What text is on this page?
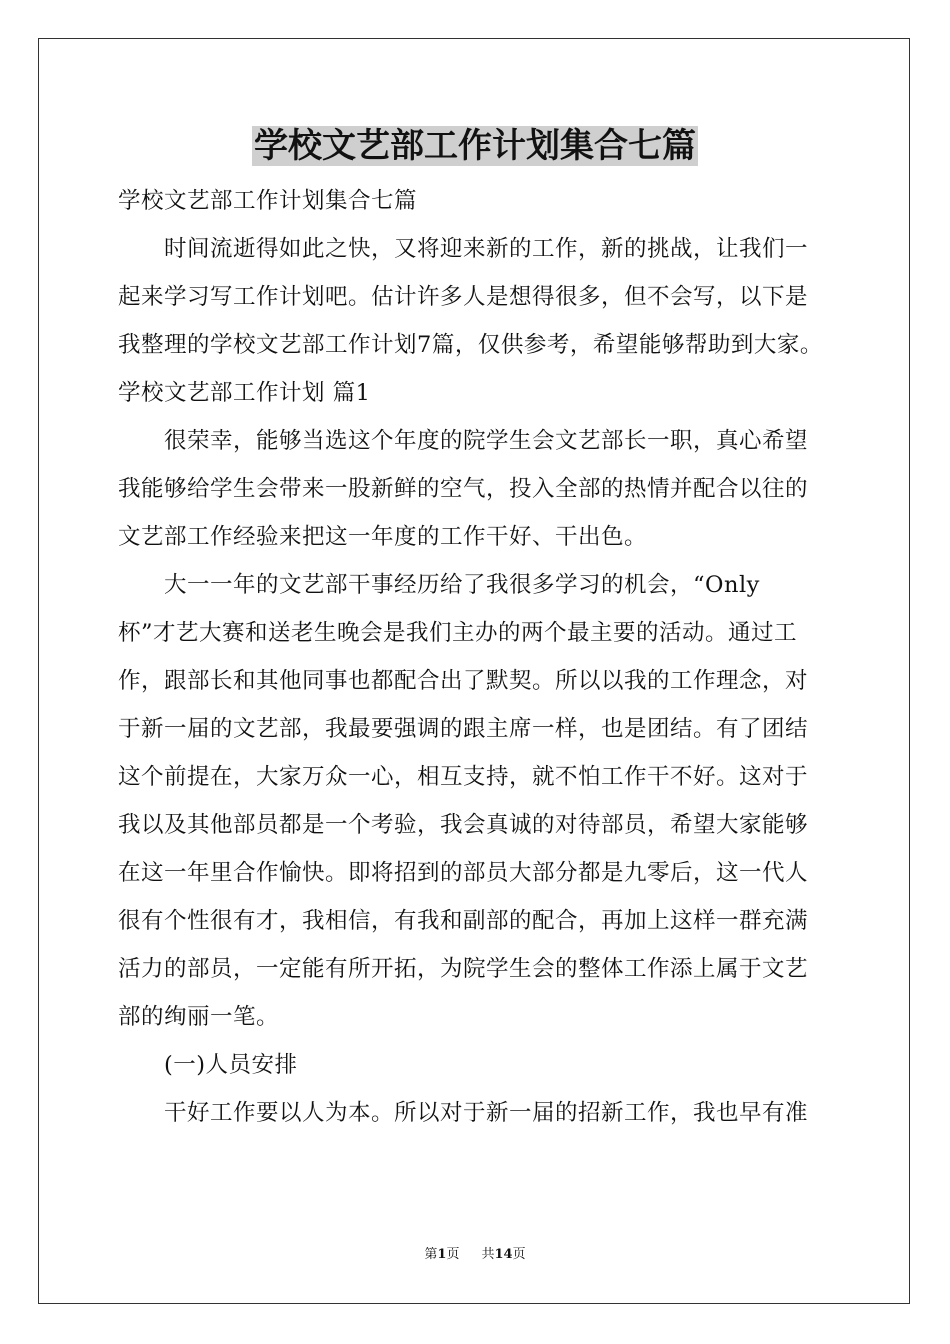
学校文艺部工作计划集合七篇
学校文艺部工作计划集合七篇
时间流逝得如此之快，又将迎来新的工作，新的挑战，让我们一
起来学习写工作计划吧。估计许多人是想得很多，但不会写，以下是
我整理的学校文艺部工作计划7篇，仅供参考，希望能够帮助到大家。
学校文艺部工作计划 篇1
很荣幸，能够当选这个年度的院学生会文艺部长一职，真心希望
我能够给学生会带来一股新鲜的空气，投入全部的热情并配合以往的
文艺部工作经验来把这一年度的工作干好、干出色。
大一一年的文艺部干事经历给了我很多学习的机会，“Only
杯”才艺大赛和送老生晚会是我们主办的两个最主要的活动。通过工
作，跟部长和其他同事也都配合出了默契。所以以我的工作理念，对
于新一届的文艺部，我最要强调的跟主席一样，也是团结。有了团结
这个前提在，大家万众一心，相互支持，就不怕工作干不好。这对于
我以及其他部员都是一个考验，我会真诚的对待部员，希望大家能够
在这一年里合作愉快。即将招到的部员大部分都是九零后，这一代人
很有个性很有才，我相信，有我和副部的配合，再加上这样一群充满
活力的部员，一定能有所开拓，为院学生会的整体工作添上属于文艺
部的绚丽一笔。
(一)人员安排
干好工作要以人为本。所以对于新一届的招新工作，我也早有准
第1页 共14页
